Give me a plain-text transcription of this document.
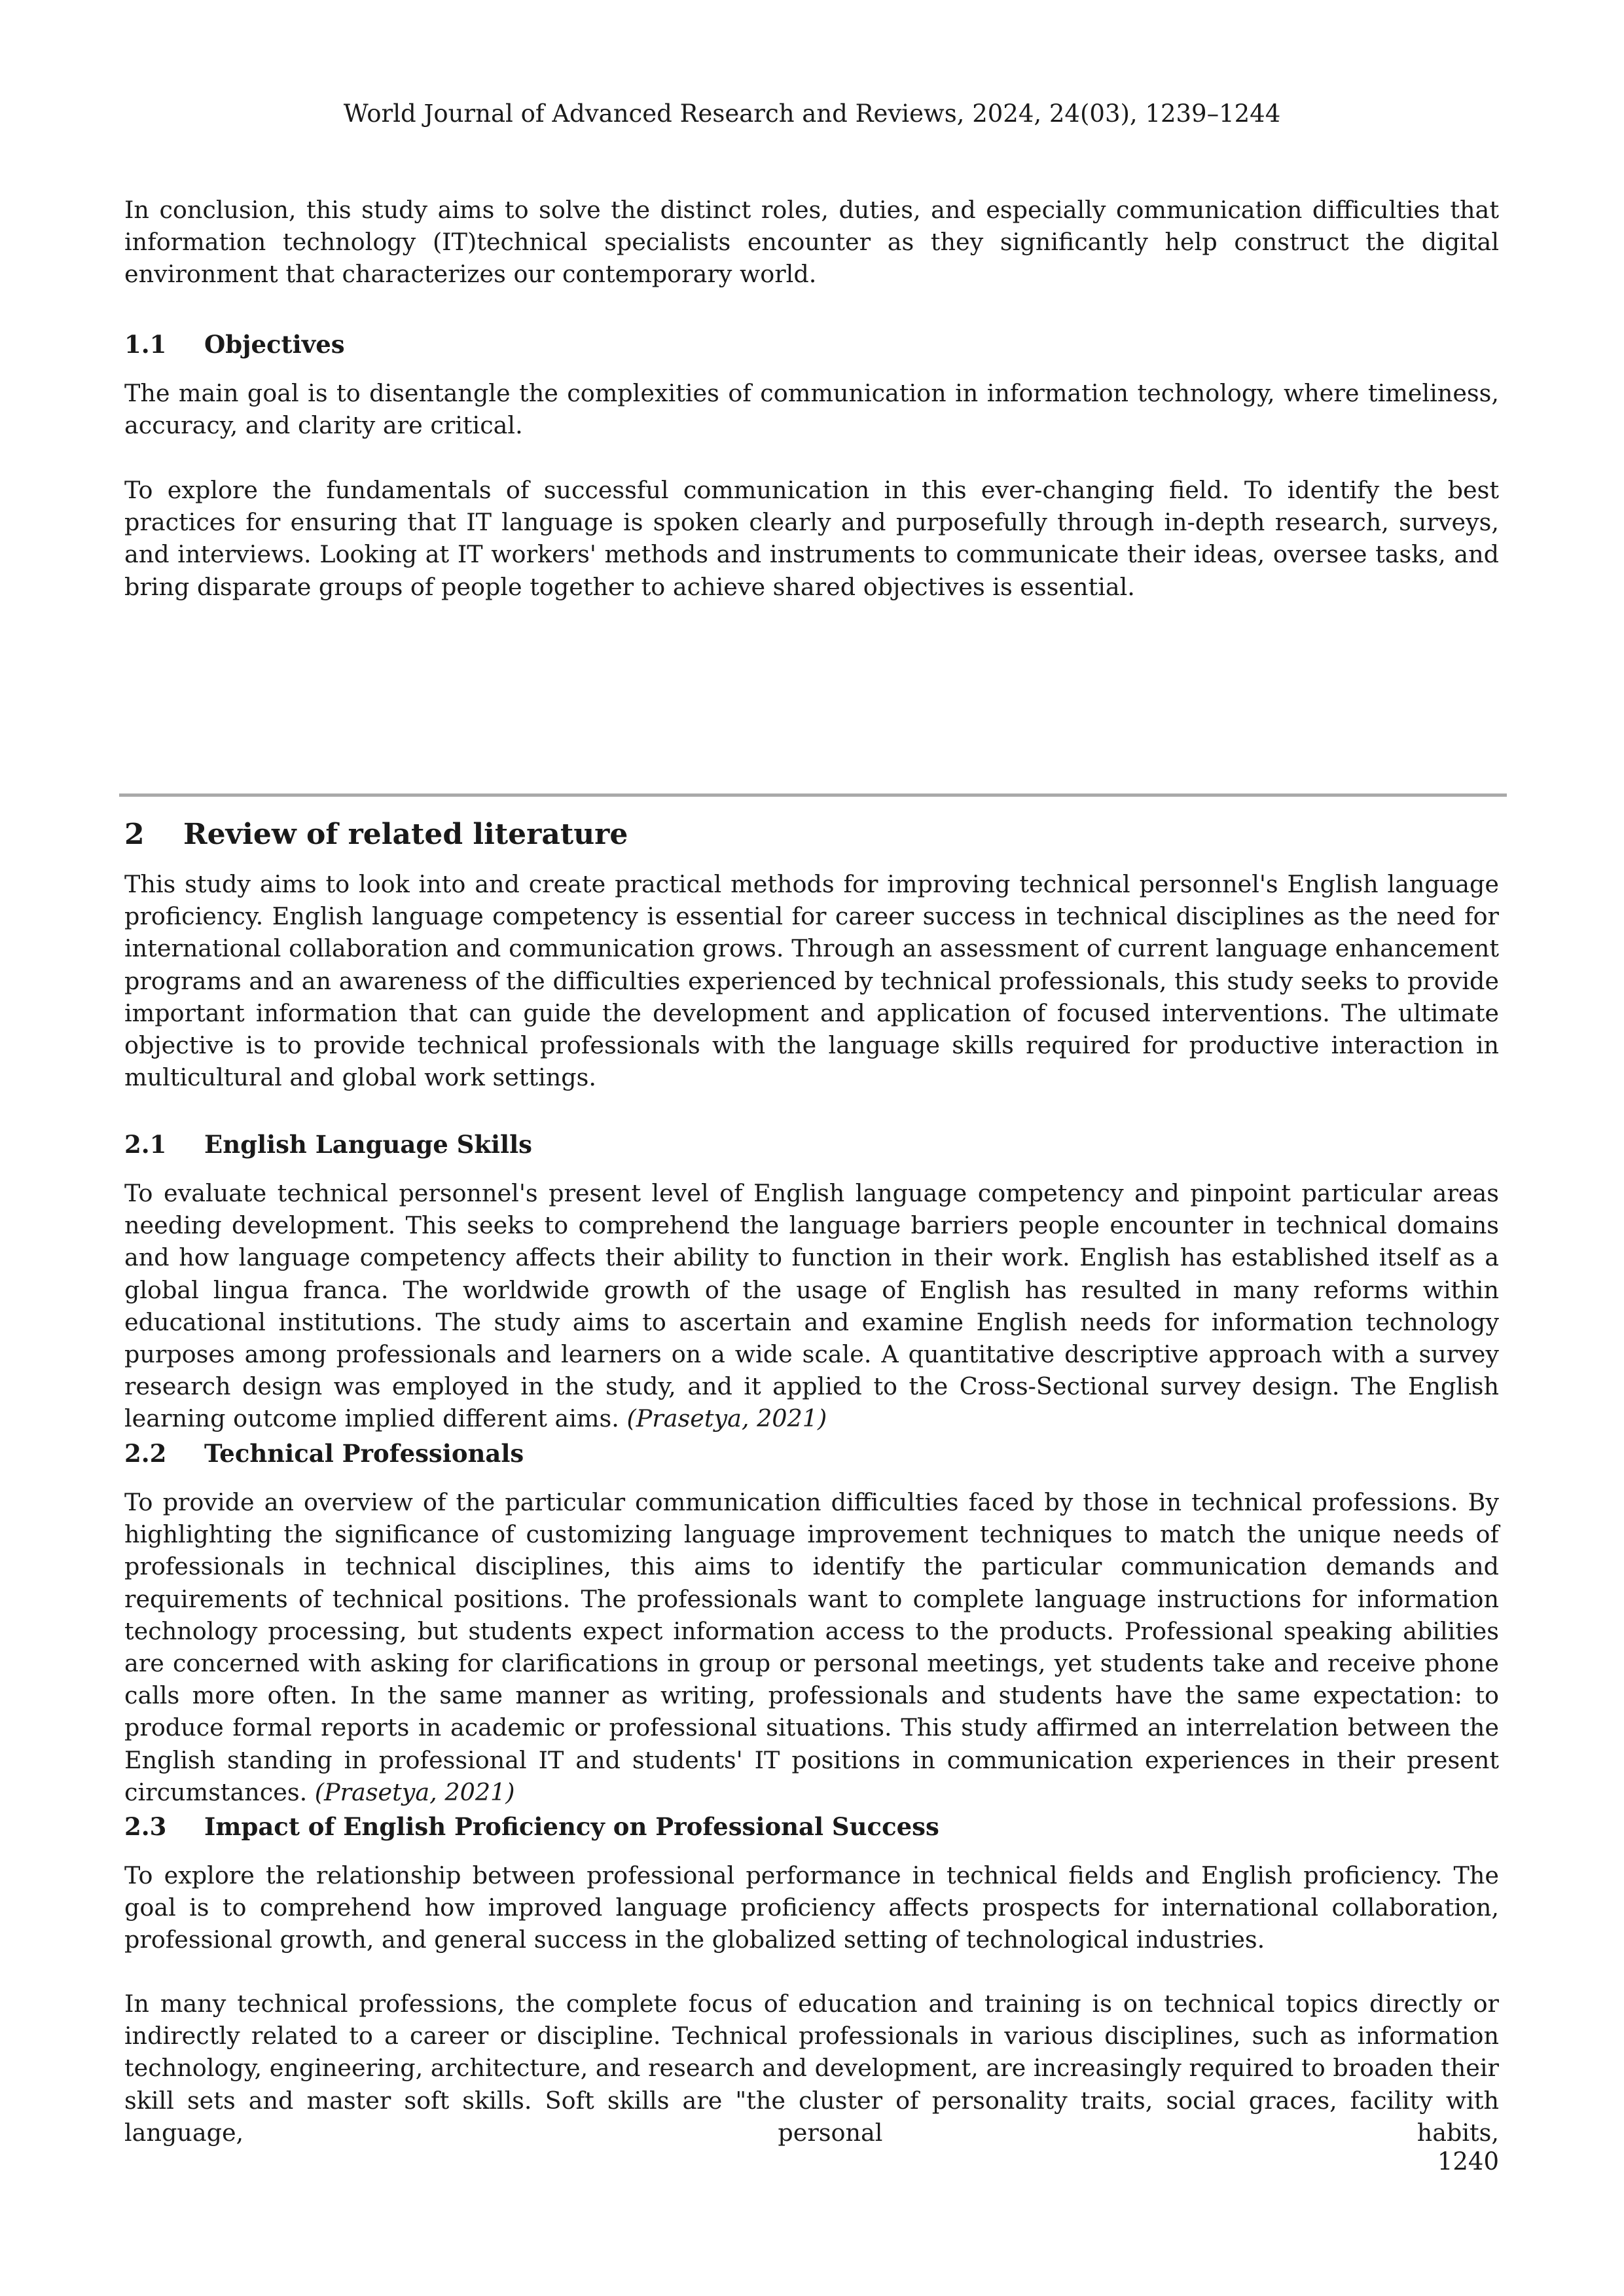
World Journal of Advanced Research and Reviews, 2024, 24(03), 1239–1244

In conclusion, this study aims to solve the distinct roles, duties, and especially communication difficulties that information technology (IT)technical specialists encounter as they significantly help construct the digital environment that characterizes our contemporary world.

1.1 Objectives

The main goal is to disentangle the complexities of communication in information technology, where timeliness, accuracy, and clarity are critical.

To explore the fundamentals of successful communication in this ever-changing field. To identify the best practices for ensuring that IT language is spoken clearly and purposefully through in-depth research, surveys, and interviews. Looking at IT workers' methods and instruments to communicate their ideas, oversee tasks, and bring disparate groups of people together to achieve shared objectives is essential.

2 Review of related literature

This study aims to look into and create practical methods for improving technical personnel's English language proficiency. English language competency is essential for career success in technical disciplines as the need for international collaboration and communication grows. Through an assessment of current language enhancement programs and an awareness of the difficulties experienced by technical professionals, this study seeks to provide important information that can guide the development and application of focused interventions. The ultimate objective is to provide technical professionals with the language skills required for productive interaction in multicultural and global work settings.

2.1 English Language Skills

To evaluate technical personnel's present level of English language competency and pinpoint particular areas needing development. This seeks to comprehend the language barriers people encounter in technical domains and how language competency affects their ability to function in their work. English has established itself as a global lingua franca. The worldwide growth of the usage of English has resulted in many reforms within educational institutions. The study aims to ascertain and examine English needs for information technology purposes among professionals and learners on a wide scale. A quantitative descriptive approach with a survey research design was employed in the study, and it applied to the Cross-Sectional survey design. The English learning outcome implied different aims. (Prasetya, 2021)

2.2 Technical Professionals

To provide an overview of the particular communication difficulties faced by those in technical professions. By highlighting the significance of customizing language improvement techniques to match the unique needs of professionals in technical disciplines, this aims to identify the particular communication demands and requirements of technical positions. The professionals want to complete language instructions for information technology processing, but students expect information access to the products. Professional speaking abilities are concerned with asking for clarifications in group or personal meetings, yet students take and receive phone calls more often. In the same manner as writing, professionals and students have the same expectation: to produce formal reports in academic or professional situations. This study affirmed an interrelation between the English standing in professional IT and students' IT positions in communication experiences in their present circumstances. (Prasetya, 2021)

2.3 Impact of English Proficiency on Professional Success

To explore the relationship between professional performance in technical fields and English proficiency. The goal is to comprehend how improved language proficiency affects prospects for international collaboration, professional growth, and general success in the globalized setting of technological industries.

In many technical professions, the complete focus of education and training is on technical topics directly or indirectly related to a career or discipline. Technical professionals in various disciplines, such as information technology, engineering, architecture, and research and development, are increasingly required to broaden their skill sets and master soft skills. Soft skills are "the cluster of personality traits, social graces, facility with language, personal habits,

1240
